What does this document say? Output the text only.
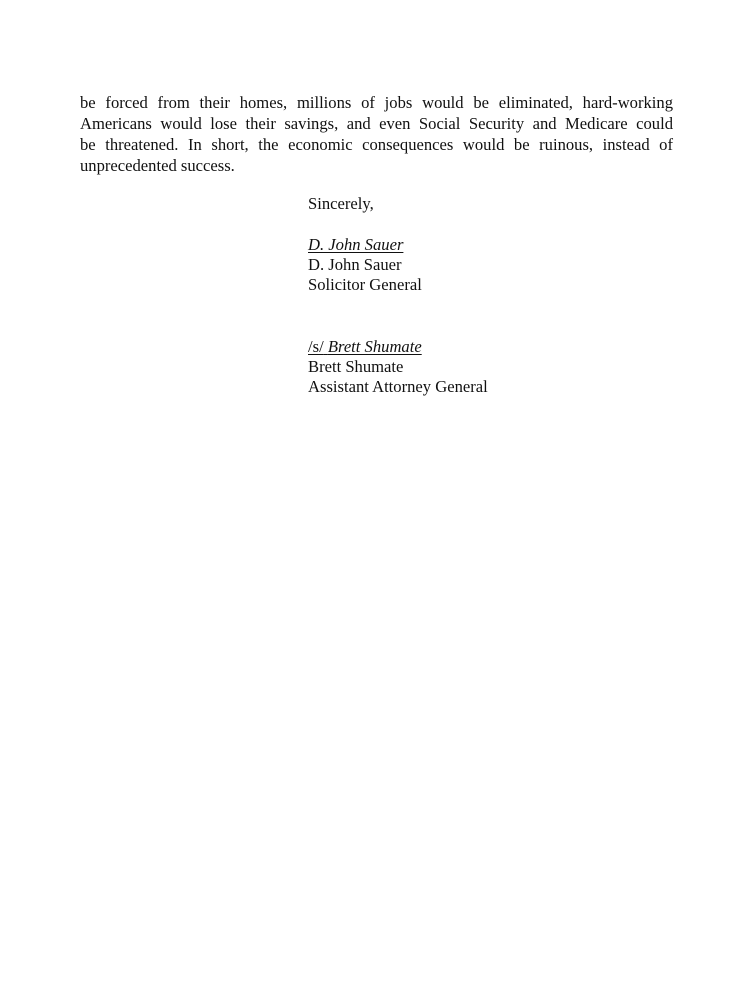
be forced from their homes, millions of jobs would be eliminated, hard-working
Americans would lose their savings, and even Social Security and Medicare could
be threatened. In short, the economic consequences would be ruinous, instead of
unprecedented success.
Sincerely,
D. John Sauer
D. John Sauer
Solicitor General
/s/ Brett Shumate
Brett Shumate
Assistant Attorney General
